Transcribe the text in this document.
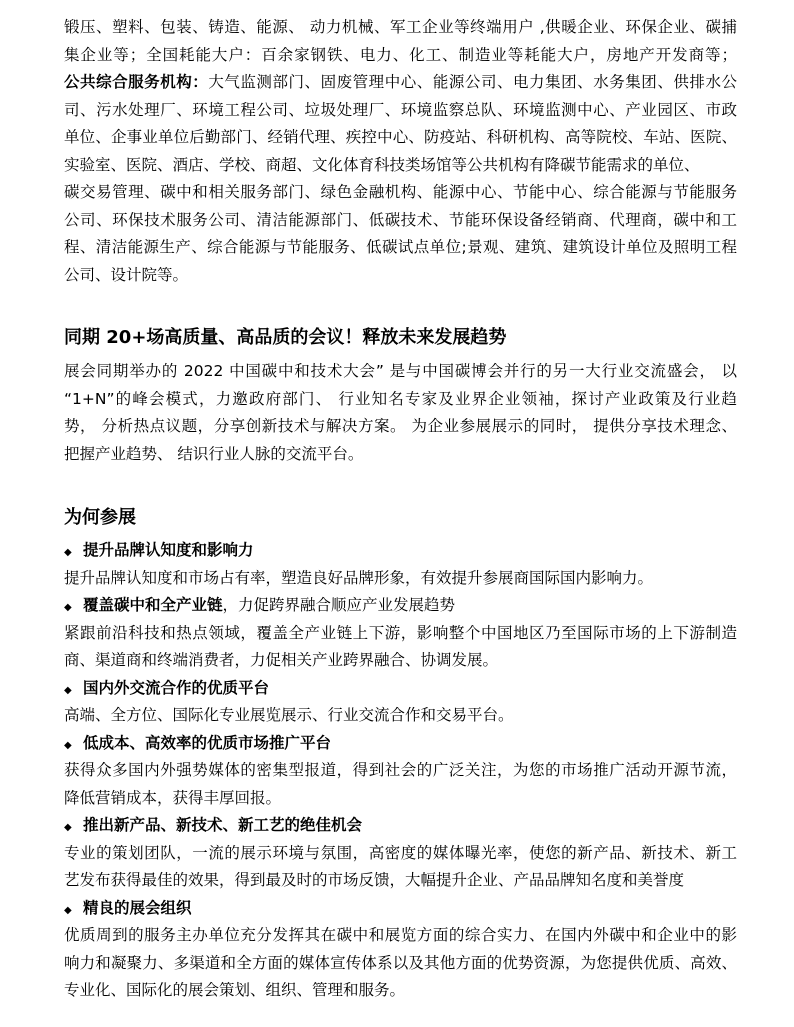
锻压、塑料、包装、铸造、能源、 动力机械、军工企业等终端用户 ,供暖企业、环保企业、碳捕
集企业等；全国耗能大户：百余家钢铁、电力、化工、制造业等耗能大户，房地产开发商等；
公共综合服务机构：大气监测部门、固废管理中心、能源公司、电力集团、水务集团、供排水公
司、污水处理厂、环境工程公司、垃圾处理厂、环境监察总队、环境监测中心、产业园区、市政
单位、企事业单位后勤部门、经销代理、疾控中心、防疫站、科研机构、高等院校、车站、医院、
实验室、医院、酒店、学校、商超、文化体育科技类场馆等公共机构有降碳节能需求的单位、
碳交易管理、碳中和相关服务部门、绿色金融机构、能源中心、节能中心、综合能源与节能服务
公司、环保技术服务公司、清洁能源部门、低碳技术、节能环保设备经销商、代理商，碳中和工
程、清洁能源生产、综合能源与节能服务、低碳试点单位;景观、建筑、建筑设计单位及照明工程
公司、设计院等。
同期 20+场高质量、高品质的会议！释放未来发展趋势
展会同期举办的 2022 中国碳中和技术大会” 是与中国碳博会并行的另一大行业交流盛会， 以
“1+N”的峰会模式，力邀政府部门、 行业知名专家及业界企业领袖，探讨产业政策及行业趋
势， 分析热点议题，分享创新技术与解决方案。 为企业参展展示的同时， 提供分享技术理念、
把握产业趋势、 结识行业人脉的交流平台。
为何参展
◆ 提升品牌认知度和影响力
提升品牌认知度和市场占有率，塑造良好品牌形象，有效提升参展商国际国内影响力。
◆ 覆盖碳中和全产业链，力促跨界融合顺应产业发展趋势
紧跟前沿科技和热点领域，覆盖全产业链上下游，影响整个中国地区乃至国际市场的上下游制造
商、渠道商和终端消费者，力促相关产业跨界融合、协调发展。
◆ 国内外交流合作的优质平台
高端、全方位、国际化专业展览展示、行业交流合作和交易平台。
◆ 低成本、高效率的优质市场推广平台
获得众多国内外强势媒体的密集型报道，得到社会的广泛关注，为您的市场推广活动开源节流，
降低营销成本，获得丰厚回报。
◆ 推出新产品、新技术、新工艺的绝佳机会
专业的策划团队，一流的展示环境与氛围，高密度的媒体曝光率，使您的新产品、新技术、新工
艺发布获得最佳的效果，得到最及时的市场反馈，大幅提升企业、产品品牌知名度和美誉度
◆ 精良的展会组织
优质周到的服务主办单位充分发挥其在碳中和展览方面的综合实力、在国内外碳中和企业中的影
响力和凝聚力、多渠道和全方面的媒体宣传体系以及其他方面的优势资源，为您提供优质、高效、
专业化、国际化的展会策划、组织、管理和服务。
